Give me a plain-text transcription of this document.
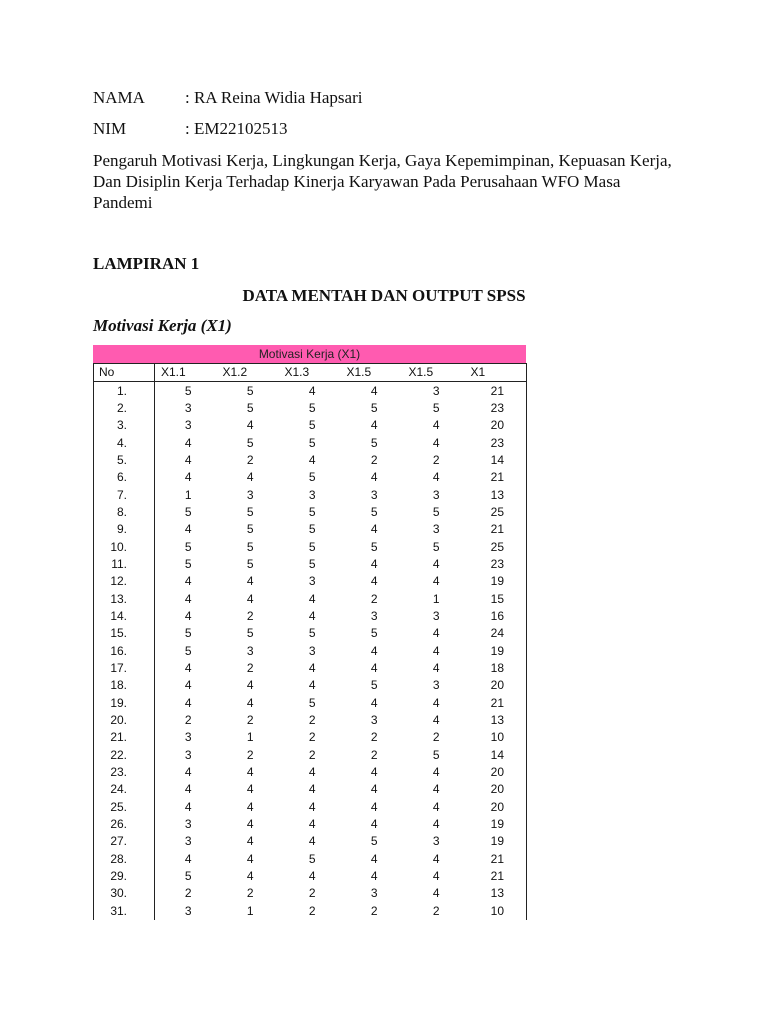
NAMA : RA Reina Widia Hapsari
NIM	: EM22102513
Pengaruh Motivasi Kerja, Lingkungan Kerja, Gaya Kepemimpinan, Kepuasan Kerja, Dan Disiplin Kerja Terhadap Kinerja Karyawan Pada Perusahaan WFO Masa Pandemi
LAMPIRAN 1
DATA MENTAH DAN OUTPUT SPSS
Motivasi Kerja (X1)
Motivasi Kerja (X1)
No	X1.1	X1.2	X1.3	X1.5	X1.5	X1
1.	5	5	4	4	3	21
2.	3	5	5	5	5	23
3.	3	4	5	4	4	20
4.	4	5	5	5	4	23
5.	4	2	4	2	2	14
6.	4	4	5	4	4	21
7.	1	3	3	3	3	13
8.	5	5	5	5	5	25
9.	4	5	5	4	3	21
10.	5	5	5	5	5	25
11.	5	5	5	4	4	23
12.	4	4	3	4	4	19
13.	4	4	4	2	1	15
14.	4	2	4	3	3	16
15.	5	5	5	5	4	24
16.	5	3	3	4	4	19
17.	4	2	4	4	4	18
18.	4	4	4	5	3	20
19.	4	4	5	4	4	21
20.	2	2	2	3	4	13
21.	3	1	2	2	2	10
22.	3	2	2	2	5	14
23.	4	4	4	4	4	20
24.	4	4	4	4	4	20
25.	4	4	4	4	4	20
26.	3	4	4	4	4	19
27.	3	4	4	5	3	19
28.	4	4	5	4	4	21
29.	5	4	4	4	4	21
30.	2	2	2	3	4	13
31.	3	1	2	2	2	10
